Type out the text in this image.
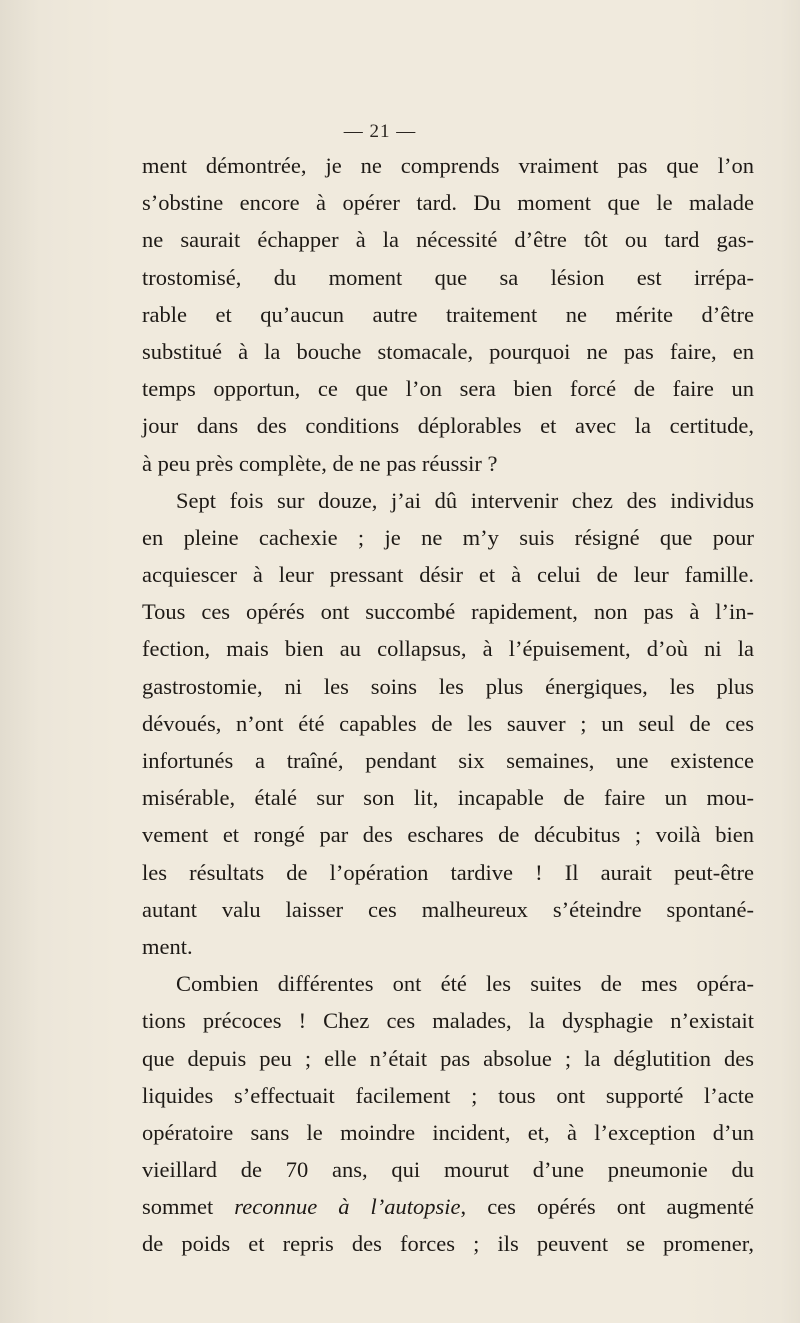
— 21 —
ment démontrée, je ne comprends vraiment pas que l’on
s’obstine encore à opérer tard. Du moment que le malade
ne saurait échapper à la nécessité d’être tôt ou tard gas-
trostomisé, du moment que sa lésion est irrépa-
rable et qu’aucun autre traitement ne mérite d’être
substitué à la bouche stomacale, pourquoi ne pas faire, en
temps opportun, ce que l’on sera bien forcé de faire un
jour dans des conditions déplorables et avec la certitude,
à peu près complète, de ne pas réussir ?
Sept fois sur douze, j’ai dû intervenir chez des individus
en pleine cachexie ; je ne m’y suis résigné que pour
acquiescer à leur pressant désir et à celui de leur famille.
Tous ces opérés ont succombé rapidement, non pas à l’in-
fection, mais bien au collapsus, à l’épuisement, d’où ni la
gastrostomie, ni les soins les plus énergiques, les plus
dévoués, n’ont été capables de les sauver ; un seul de ces
infortunés a traîné, pendant six semaines, une existence
misérable, étalé sur son lit, incapable de faire un mou-
vement et rongé par des eschares de décubitus ; voilà bien
les résultats de l’opération tardive ! Il aurait peut-être
autant valu laisser ces malheureux s’éteindre spontané-
ment.
Combien différentes ont été les suites de mes opéra-
tions précoces ! Chez ces malades, la dysphagie n’existait
que depuis peu ; elle n’était pas absolue ; la déglutition des
liquides s’effectuait facilement ; tous ont supporté l’acte
opératoire sans le moindre incident, et, à l’exception d’un
vieillard de 70 ans, qui mourut d’une pneumonie du
sommet reconnue à l’autopsie, ces opérés ont augmenté
de poids et repris des forces ; ils peuvent se promener,
